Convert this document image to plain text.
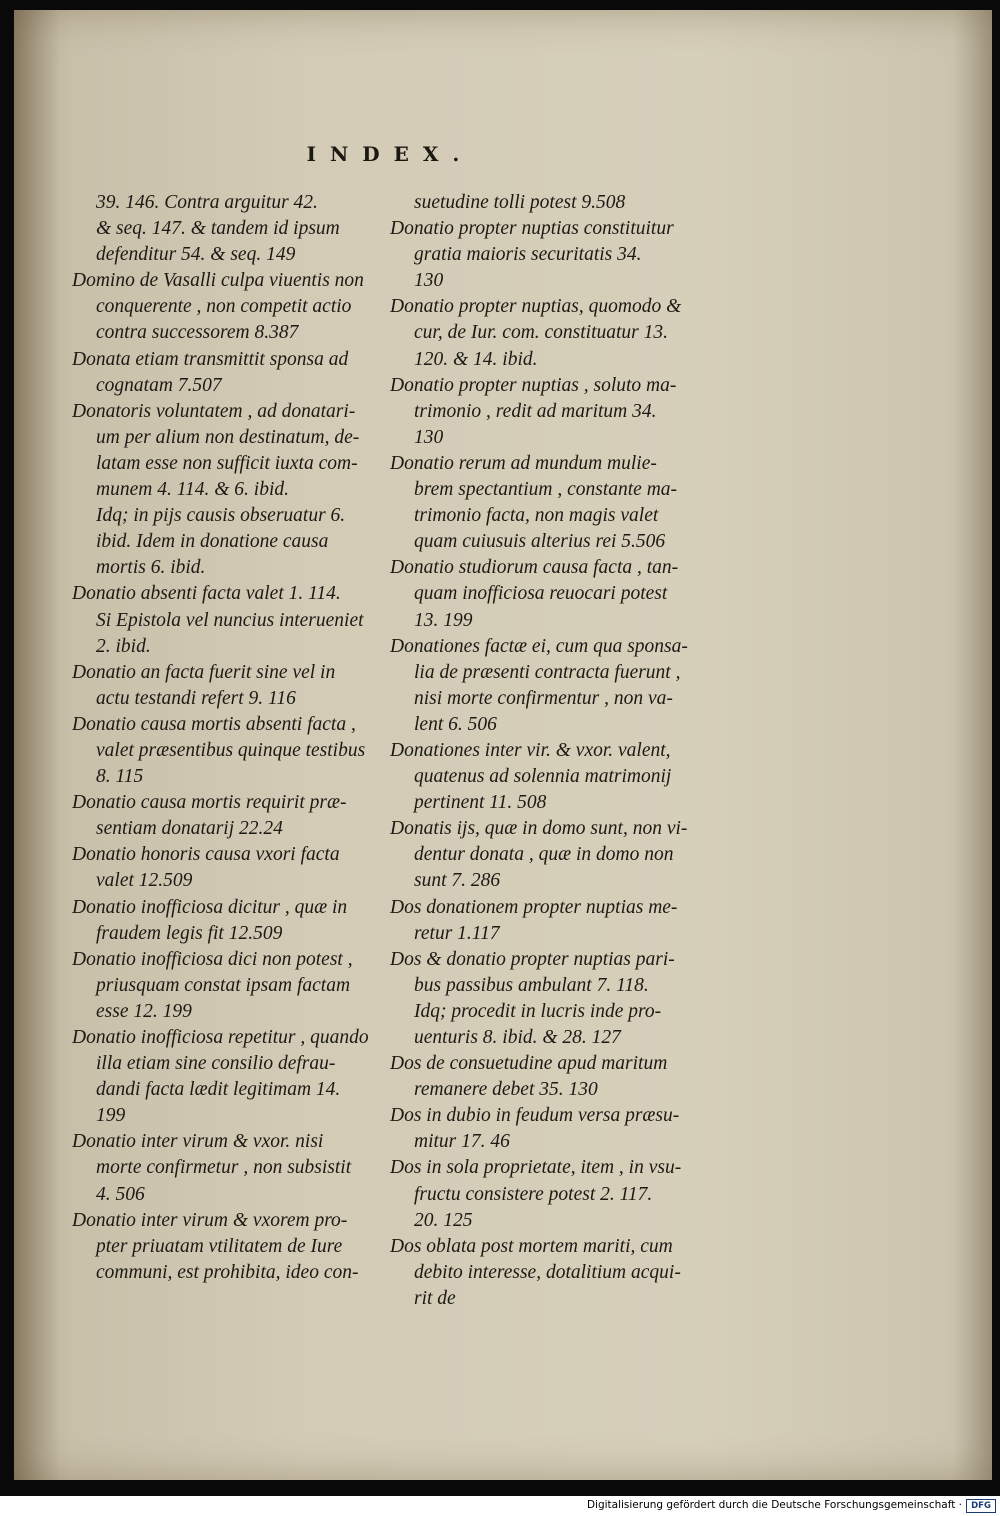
INDEX.
39. 146. Contra arguitur 42.
& seq. 147. & tandem id ipsum
defenditur 54. & seq. 149
Domino de Vasalli culpa viuentis non
conquerente , non competit actio
contra successorem 8.387
Donata etiam transmittit sponsa ad
cognatam 7.507
Donatoris voluntatem , ad donatari-
um per alium non destinatum, de-
latam esse non sufficit iuxta com-
munem 4. 114. & 6. ibid.
Idq; in pijs causis obseruatur 6.
ibid. Idem in donatione causa
mortis 6. ibid.
Donatio absenti facta valet 1. 114.
Si Epistola vel nuncius interueniet
2. ibid.
Donatio an facta fuerit sine vel in
actu testandi refert 9. 116
Donatio causa mortis absenti facta ,
valet præsentibus quinque testibus
8. 115
Donatio causa mortis requirit præ-
sentiam donatarij 22.24
Donatio honoris causa vxori facta
valet 12.509
Donatio inofficiosa dicitur , quæ in
fraudem legis fit 12.509
Donatio inofficiosa dici non potest ,
priusquam constat ipsam factam
esse 12. 199
Donatio inofficiosa repetitur , quando
illa etiam sine consilio defrau-
dandi facta lædit legitimam 14.
199
Donatio inter virum & vxor. nisi
morte confirmetur , non subsistit
4. 506
Donatio inter virum & vxorem pro-
pter priuatam vtilitatem de Iure
communi, est prohibita, ideo con-
suetudine tolli potest 9.508
Donatio propter nuptias constituitur
gratia maioris securitatis 34.
130
Donatio propter nuptias, quomodo &
cur, de Iur. com. constituatur 13.
120. & 14. ibid.
Donatio propter nuptias , soluto ma-
trimonio , redit ad maritum 34.
130
Donatio rerum ad mundum mulie-
brem spectantium , constante ma-
trimonio facta, non magis valet
quam cuiusuis alterius rei 5.506
Donatio studiorum causa facta , tan-
quam inofficiosa reuocari potest
13. 199
Donationes factæ ei, cum qua sponsa-
lia de præsenti contracta fuerunt ,
nisi morte confirmentur , non va-
lent 6. 506
Donationes inter vir. & vxor. valent,
quatenus ad solennia matrimonij
pertinent 11. 508
Donatis ijs, quæ in domo sunt, non vi-
dentur donata , quæ in domo non
sunt 7. 286
Dos donationem propter nuptias me-
retur 1.117
Dos & donatio propter nuptias pari-
bus passibus ambulant 7. 118.
Idq; procedit in lucris inde pro-
uenturis 8. ibid. & 28. 127
Dos de consuetudine apud maritum
remanere debet 35. 130
Dos in dubio in feudum versa præsu-
mitur 17. 46
Dos in sola proprietate, item , in vsu-
fructu consistere potest 2. 117.
20. 125
Dos oblata post mortem mariti, cum
debito interesse, dotalitium acqui-
rit de
Digitalisierung gefördert durch die Deutsche Forschungsgemeinschaft ·	DFG
